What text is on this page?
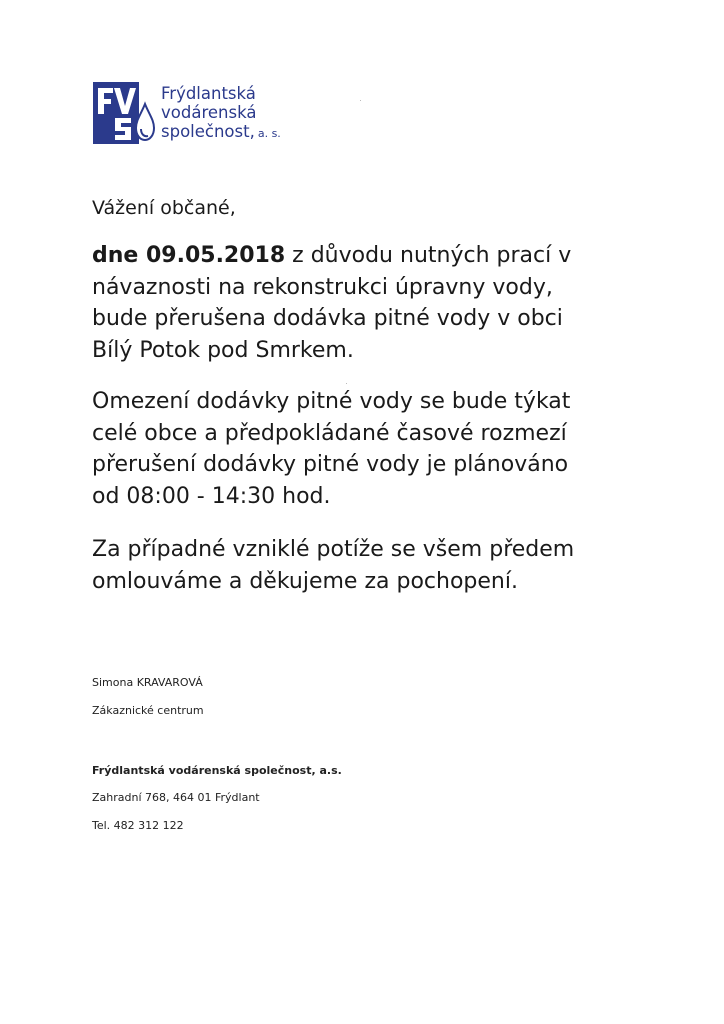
Frýdlantská
vodárenská
společnost, a. s.
Vážení občané,

dne 09.05.2018 z důvodu nutných prací v
návaznosti na rekonstrukci úpravny vody,
bude přerušena dodávka pitné vody v obci
Bílý Potok pod Smrkem.

Omezení dodávky pitné vody se bude týkat
celé obce a předpokládané časové rozmezí
přerušení dodávky pitné vody je plánováno
od 08:00 - 14:30 hod.

Za případné vzniklé potíže se všem předem
omlouváme a děkujeme za pochopení.

Simona KRAVAROVÁ
Zákaznické centrum
Frýdlantská vodárenská společnost, a.s.
Zahradní 768, 464 01 Frýdlant
Tel. 482 312 122
